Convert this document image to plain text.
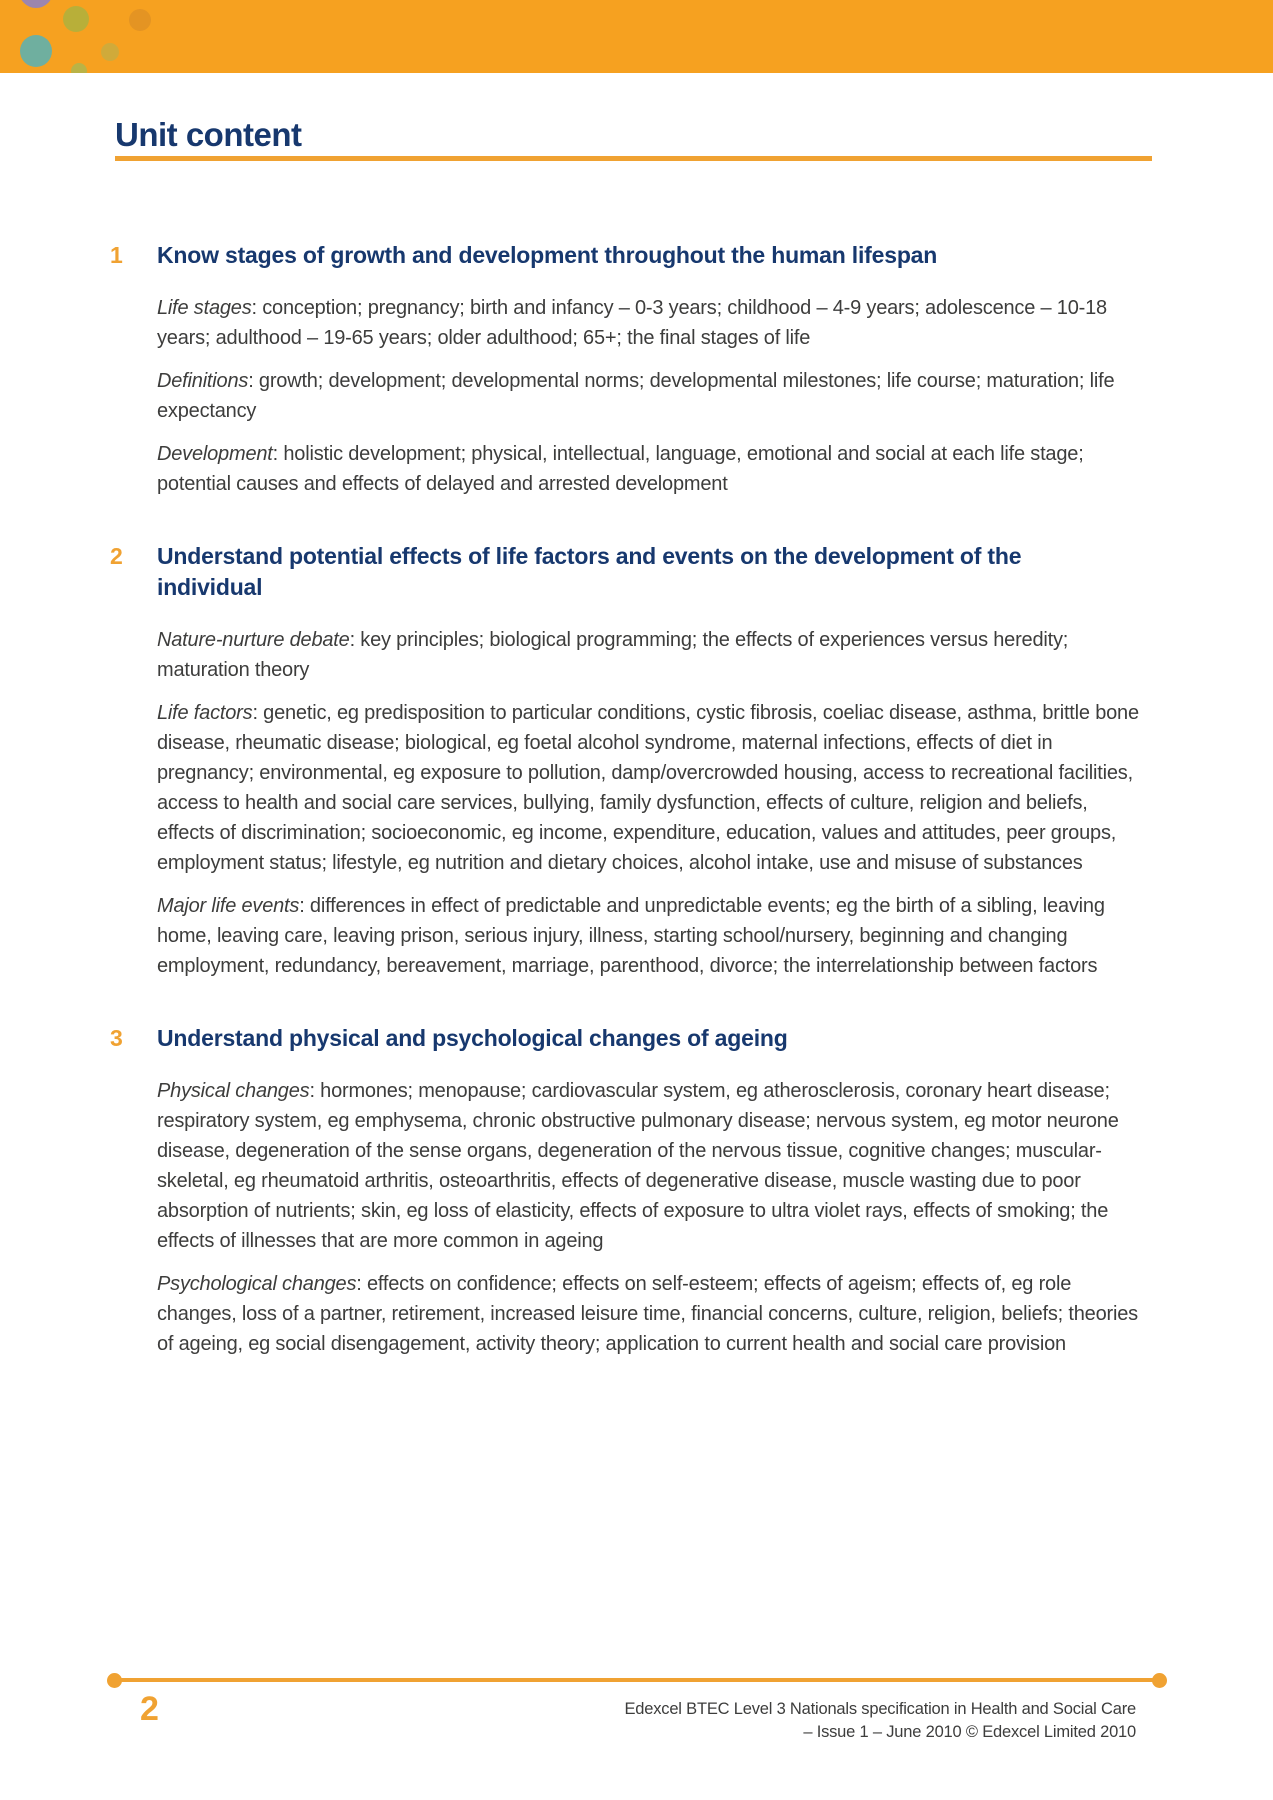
Unit content
1	Know stages of growth and development throughout the human lifespan

Life stages: conception; pregnancy; birth and infancy – 0-3 years; childhood – 4-9 years; adolescence – 10-18 years; adulthood – 19-65 years; older adulthood; 65+; the final stages of life

Definitions: growth; development; developmental norms; developmental milestones; life course; maturation; life expectancy

Development: holistic development; physical, intellectual, language, emotional and social at each life stage; potential causes and effects of delayed and arrested development

2	Understand potential effects of life factors and events on the development of the individual

Nature-nurture debate: key principles; biological programming; the effects of experiences versus heredity; maturation theory

Life factors: genetic, eg predisposition to particular conditions, cystic fibrosis, coeliac disease, asthma, brittle bone disease, rheumatic disease; biological, eg foetal alcohol syndrome, maternal infections, effects of diet in pregnancy; environmental, eg exposure to pollution, damp/overcrowded housing, access to recreational facilities, access to health and social care services, bullying, family dysfunction, effects of culture, religion and beliefs, effects of discrimination; socioeconomic, eg income, expenditure, education, values and attitudes, peer groups, employment status; lifestyle, eg nutrition and dietary choices, alcohol intake, use and misuse of substances

Major life events: differences in effect of predictable and unpredictable events; eg the birth of a sibling, leaving home, leaving care, leaving prison, serious injury, illness, starting school/nursery, beginning and changing employment, redundancy, bereavement, marriage, parenthood, divorce; the interrelationship between factors

3	Understand physical and psychological changes of ageing

Physical changes: hormones; menopause; cardiovascular system, eg atherosclerosis, coronary heart disease; respiratory system, eg emphysema, chronic obstructive pulmonary disease; nervous system, eg motor neurone disease, degeneration of the sense organs, degeneration of the nervous tissue, cognitive changes; muscular-skeletal, eg rheumatoid arthritis, osteoarthritis, effects of degenerative disease, muscle wasting due to poor absorption of nutrients; skin, eg loss of elasticity, effects of exposure to ultra violet rays, effects of smoking; the effects of illnesses that are more common in ageing

Psychological changes: effects on confidence; effects on self-esteem; effects of ageism; effects of, eg role changes, loss of a partner, retirement, increased leisure time, financial concerns, culture, religion, beliefs; theories of ageing, eg social disengagement, activity theory; application to current health and social care provision

2	Edexcel BTEC Level 3 Nationals specification in Health and Social Care
– Issue 1 – June 2010 © Edexcel Limited 2010
